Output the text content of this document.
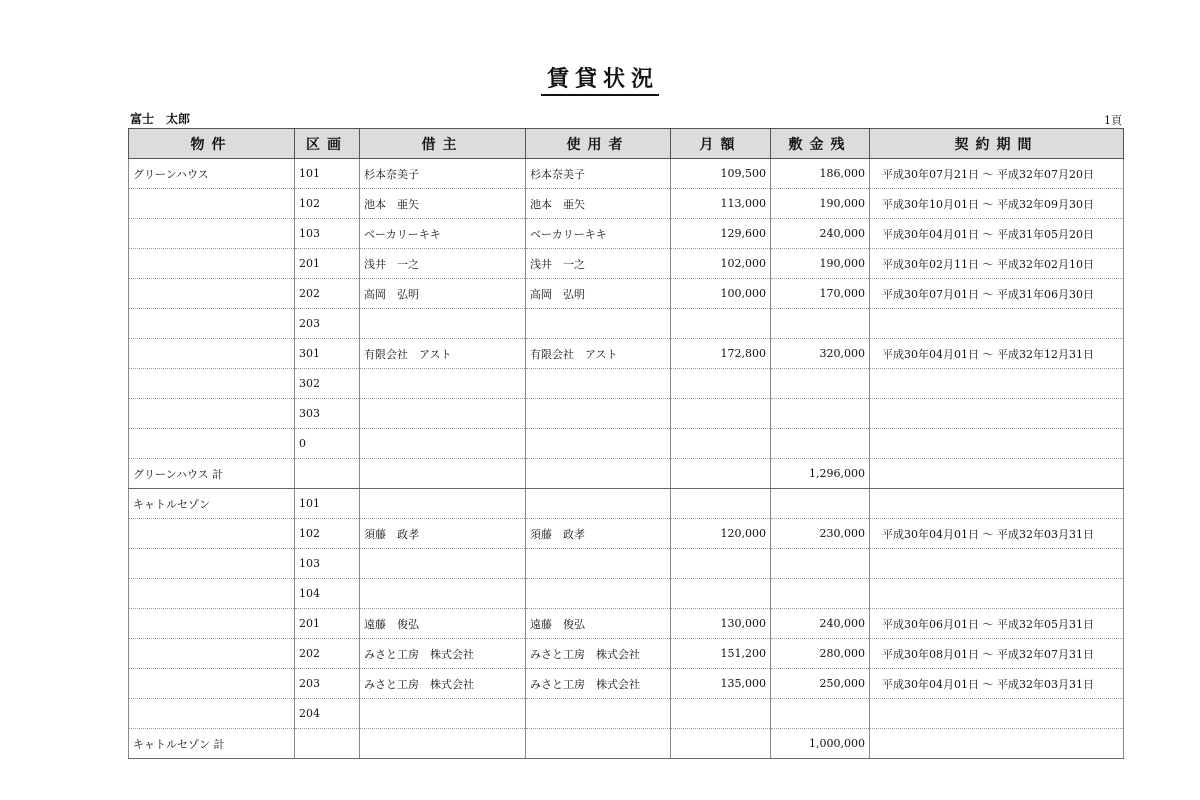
賃貸状況
富士　太郎	1頁
物件	区画	借主	使用者	月額	敷金残	契約期間
グリーンハウス	101	杉本奈美子	杉本奈美子	109,500	186,000	平成30年07月21日 ～ 平成32年07月20日
	102	池本　亜矢	池本　亜矢	113,000	190,000	平成30年10月01日 ～ 平成32年09月30日
	103	ベーカリーキキ	ベーカリーキキ	129,600	240,000	平成30年04月01日 ～ 平成31年05月20日
	201	浅井　一之	浅井　一之	102,000	190,000	平成30年02月11日 ～ 平成32年02月10日
	202	高岡　弘明	高岡　弘明	100,000	170,000	平成30年07月01日 ～ 平成31年06月30日
	203					
	301	有限会社　アスト	有限会社　アスト	172,800	320,000	平成30年04月01日 ～ 平成32年12月31日
	302					
	303					
	0					
グリーンハウス 計					1,296,000	
キャトルセゾン	101					
	102	須藤　政孝	須藤　政孝	120,000	230,000	平成30年04月01日 ～ 平成32年03月31日
	103					
	104					
	201	遠藤　俊弘	遠藤　俊弘	130,000	240,000	平成30年06月01日 ～ 平成32年05月31日
	202	みさと工房　株式会社	みさと工房　株式会社	151,200	280,000	平成30年08月01日 ～ 平成32年07月31日
	203	みさと工房　株式会社	みさと工房　株式会社	135,000	250,000	平成30年04月01日 ～ 平成32年03月31日
	204					
キャトルセゾン 計					1,000,000	
